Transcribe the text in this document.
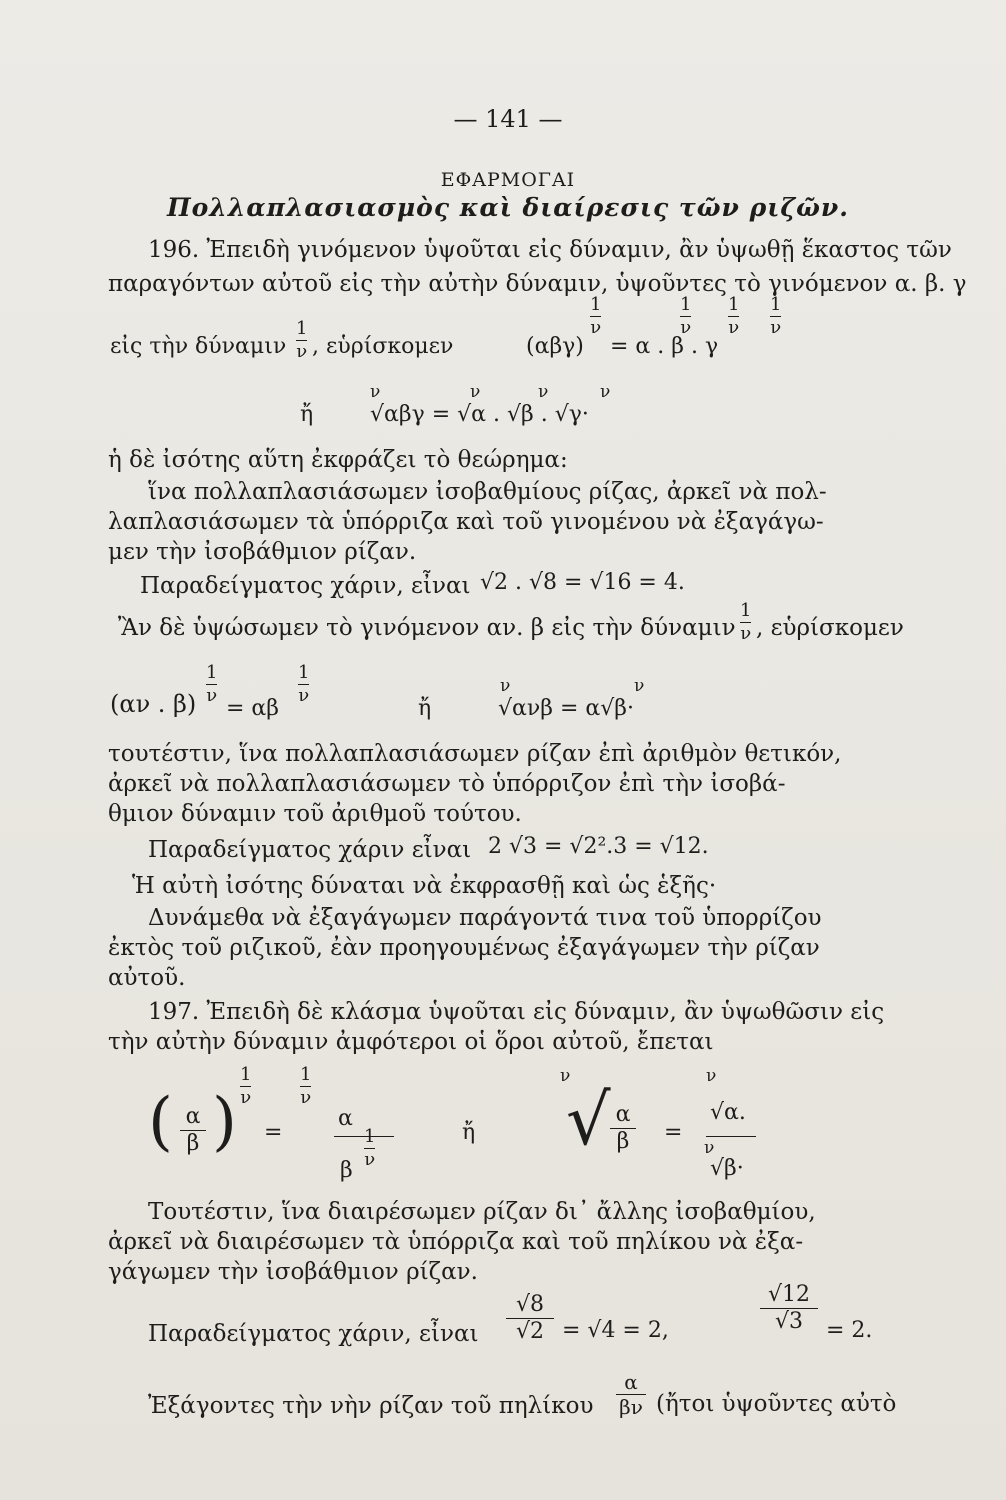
— 141 —
ΕΦΑΡΜΟΓΑΙ
Πολλαπλασιασμὸς καὶ διαίρεσις τῶν ριζῶν.
196. Ἐπειδὴ γινόμενον ὑψοῦται εἰς δύναμιν, ἂν ὑψωθῇ ἕκαστος τῶν
παραγόντων αὐτοῦ εἰς τὴν αὐτὴν δύναμιν, ὑψοῦντες τὸ γινόμενον α. β. γ
εἰς τὴν δύναμιν
1
ν , εὑρίσκομεν	(αβγ)
1
ν
= α . β . γ
1
ν
1
ν
1
ν
ἤ
ν	ν	ν	ν
√αβγ = √α . √β . √γ·
ἡ δὲ ἰσότης αὕτη ἐκφράζει τὸ θεώρημα:
ἵνα πολλαπλασιάσωμεν ἰσοβαθμίους ρίζας, ἀρκεῖ νὰ πολ-
λαπλασιάσωμεν τὰ ὑπόρριζα καὶ τοῦ γινομένου νὰ ἐξαγάγω-
μεν τὴν ἰσοβάθμιον ρίζαν.
Παραδείγματος χάριν, εἶναι √2 . √8 = √16 = 4.
Ἂν δὲ ὑψώσωμεν τὸ γινόμενον αν. β εἰς τὴν δύναμιν
1
ν , εὑρίσκομεν
(αν . β)
1
ν
= αβ
1
ν
ἤ
ν	ν
√ανβ = α√β·
τουτέστιν, ἵνα πολλαπλασιάσωμεν ρίζαν ἐπὶ ἀριθμὸν θετικόν,
ἀρκεῖ νὰ πολλαπλασιάσωμεν τὸ ὑπόρριζον ἐπὶ τὴν ἰσοβά-
θμιον δύναμιν τοῦ ἀριθμοῦ τούτου.
Παραδείγματος χάριν εἶναι 2 √3 = √2².3 = √12.
Ἡ αὐτὴ ἰσότης δύναται νὰ ἐκφρασθῇ καὶ ὡς ἑξῆς·
Δυνάμεθα νὰ ἐξαγάγωμεν παράγοντά τινα τοῦ ὑπορρίζου
ἐκτὸς τοῦ ριζικοῦ, ἐὰν προηγουμένως ἐξαγάγωμεν τὴν ρίζαν
αὐτοῦ.
197. Ἐπειδὴ δὲ κλάσμα ὑψοῦται εἰς δύναμιν, ἂν ὑψωθῶσιν εἰς
τὴν αὐτὴν δύναμιν ἀμφότεροι οἱ ὅροι αὐτοῦ, ἔπεται
( α
β )
1
ν
=
1
ν
α
1
ν
β
ἤ
ν
√ α
β	=
ν
√α.
ν
√β·
Τουτέστιν, ἵνα διαιρέσωμεν ρίζαν δι᾽ ἄλλης ἰσοβαθμίου,
ἀρκεῖ νὰ διαιρέσωμεν τὰ ὑπόρριζα καὶ τοῦ πηλίκου νὰ ἐξα-
γάγωμεν τὴν ἰσοβάθμιον ρίζαν.
Παραδείγματος χάριν, εἶναι
√8
√2 = √4 = 2,
√12
√3	= 2.
Ἐξάγοντες τὴν νὴν ρίζαν τοῦ πηλίκου
α
βν (ἤτοι ὑψοῦντες αὐτὸ
